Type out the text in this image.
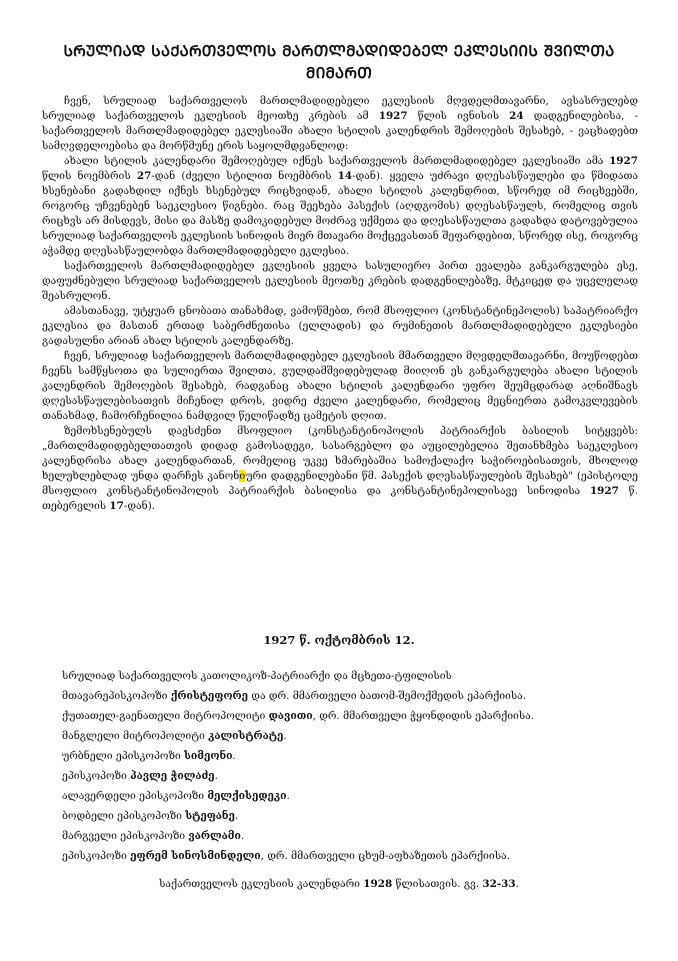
ᲡᲠᲣᲚᲘᲐᲓ ᲡᲐᲥᲐᲠᲗᲕᲔᲚᲝᲡ ᲛᲐᲠᲗᲚᲛᲐᲓᲘᲓᲔᲑᲔᲚ ᲔᲙᲚᲔᲡᲘᲘᲡ ᲨᲕᲘᲚᲗᲐ ᲛᲘᲛᲐᲠᲗ

ჩვენ, სრულიად საქართველოს მართლმადიდებელი ეკლესიის მღვდელმთავარნი, ავსასრულებდ სრულიად საქართველოს ეკლესიის მეოთხე კრების ამ 1927 წლის ივნისის 24 დადგენილებისა, - საქართველოს მართლმადიდებელ ეკლესიაში ახალი სტილის კალენდრის შემოღების შესახებ, - ვაცხადებთ სამღვდელოებისა და მორწმუნე ერის საყოლმდვანლოდ:

ახალი სტილის კალენდარი შემოღებულ იქნეს საქართველოს მართლმადიდებელ ეკლესიაში ამა 1927 წლის ნოემბრის 27-დან (ძველი სტილით ნოემბრის 14-დან). ყველა უძრავი დღესასწაულები და წმიდათა ხსენებანი გადახდილ იქნეს ხსენებულ რიცხვიდან, ახალი სტილის კალენდრით, სწორედ იმ რიცხვებში, როგორც უჩვენებენ საეკლესიო წიგნები. რაც შეეხება პასექის (აღდგომის) დღესასწაულს, რომელიც თვის რიცხვს არ მისდევს, მისი და მასზე დამოკიდებულ მოძრავ უქმეთა და დღესასწაულთა გადახდა დატოვებულია სრულიად საქართველოს ეკლესიის სინოდის მიერ მთავარი მოქცევასთან შეფარდებით, სწორედ ისე, როგორც აჭამდე დღესასწაულობდა მართლმადიდებელი ეკლესია.

საქართველოს მართლმადიდებელ ეკლესიის ყველა სასულიერო პირთ ევალება განკარგულება ესე, დაფუძნებული სრულიად საქართველოს ეკლესიის მეოთხე კრების დადგენილებაზე, მტკიცედ და უცვლელად შეასრულონ.

ამასთანავე, უტყუარ ცნობათა თანახმად, ვამოწმებთ, რომ მსოფლიო (კონსტანტინეპოლის) საპატრიარქო ეკლესია და მასთან ერთად საბერძნეთისა (ელლადის) და რუმინეთის მართლმადიდებელი ეკლესიები გადასულნი არიან ახალ სტილის კალენდარზე.

ჩვენ, სრულიად საქართველოს მართლმადიდებელ ეკლესიის მმართველი მღვდელმთავარნი, მოუწოდებთ ჩვენს სამწყსოთა და სულიერთა შვილთა, გულდამშვიდებულად მიიღონ ეს განკარგულება ახალი სტილის კალენდრის შემოღების შესახებ, რადგანაც ახალი სტილის კალენდარი უფრო შეუმცდარად აღნიშნავს დღესასწაულებისათვის მიჩენილ დროს, ვიდრე ძველი კალენდარი, რომელიც მეცნიერთა გამოკვლევების თანახმად, ჩამორჩენილია ნამდვილ წელიწადზე ცამეტის დღით.

ზემოხსენებულს დავსძენთ მსოფლიო (კონსტანტინოპოლის პატრიარქის ბასილის სიტყვებს: „მართლმადიდებელთათვის დიდად გამოსადეგი, სასარგებლო და აუცილებელია შეთანხმება საეკლესიო კალენდრისა ახალ კალენდართან, რომელიც უკვე ხმარებაშია სამოქალაქო საჭიროებისათვის, მხოლოდ ხელუხლებლად უნდა დარჩეს კანონიური დადგენილებანი წმ. პასექის დღესასწაულების შესახებ" (ეპისტოლე მსოფლიო კონსტანტინოპოლის პატრიარქის ბასილისა და კონსტანტინეპოლისავე სინოდისა 1927 წ. თებერვლის 17-დან).

1927 წ. ოქტომბრის 12.
სრულიად საქართველოს კათოლიკოზ-პატრიარქი და მცხეთა-ტფილისის
მთავარეპისკოპოზი ქრისტეფორე და დრ. მმართველი ბათომ-შემოქმედის ეპარქიისა.
ქუთათელ-გაენათელი მიტროპოლიტი დავითი, დრ. მმართველი ჭყონდიდის ეპარქიისა.
მანგლელი მიტროპოლიტი კალისტრატე.
ურბნელი ეპისკოპოზი სიმეონი.
ეპისკოპოზი პავლე ჭილაძე.
ალავერდელი ეპისკოპოზი მელქისედეკი.
ბოდბელი ეპისკოპოზი სტეფანე.
მარგველი ეპისკოპოზი ვარლამი.
ეპისკოპოზი ეფრემ სინოსმინდელი, დრ. მმართველი ცხუმ-აფხაზეთის ეპარქიისა.
საქართველოს ეკლესიის კალენდარი 1928 წლისათვის. გვ. 32-33.
